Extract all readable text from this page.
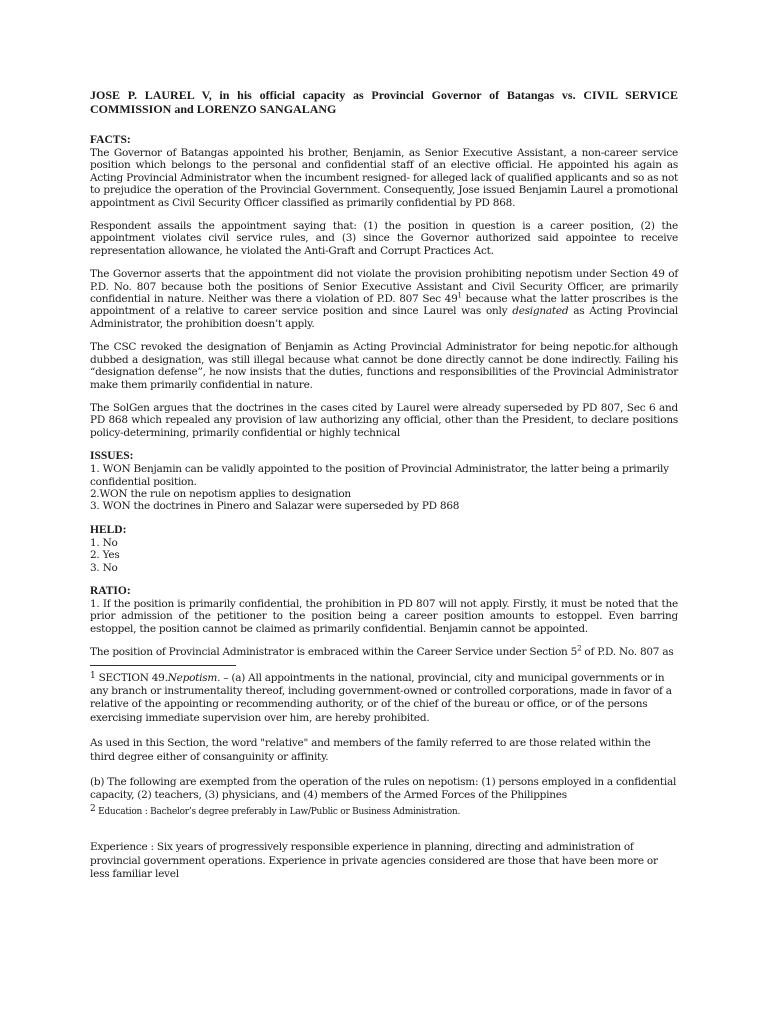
JOSE P. LAUREL V, in his official capacity as Provincial Governor of Batangas vs. CIVIL SERVICE COMMISSION and LORENZO SANGALANG
FACTS:

The Governor of Batangas appointed his brother, Benjamin, as Senior Executive Assistant, a non-career service position which belongs to the personal and confidential staff of an elective official. He appointed his again as Acting Provincial Administrator when the incumbent resigned- for alleged lack of qualified applicants and so as not to prejudice the operation of the Provincial Government. Consequently, Jose issued Benjamin Laurel a promotional appointment as Civil Security Officer classified as primarily confidential by PD 868.

Respondent assails the appointment saying that: (1) the position in question is a career position, (2) the appointment violates civil service rules, and (3) since the Governor authorized said appointee to receive representation allowance, he violated the Anti-Graft and Corrupt Practices Act.

The Governor asserts that the appointment did not violate the provision prohibiting nepotism under Section 49 of P.D. No. 807 because both the positions of Senior Executive Assistant and Civil Security Officer, are primarily confidential in nature. Neither was there a violation of P.D. 807 Sec $49^1$ because what the latter proscribes is the appointment of a relative to career service position and since Laurel was only designated as Acting Provincial Administrator, the prohibition doesn’t apply.

The CSC revoked the designation of Benjamin as Acting Provincial Administrator for being nepotic.for although dubbed a designation, was still illegal because what cannot be done directly cannot be done indirectly. Failing his “designation defense”, he now insists that the duties, functions and responsibilities of the Provincial Administrator make them primarily confidential in nature.

The SolGen argues that the doctrines in the cases cited by Laurel were already superseded by PD 807, Sec 6 and PD 868 which repealed any provision of law authorizing any official, other than the President, to declare positions policy-determining, primarily confidential or highly technical

ISSUES:
1. WON Benjamin can be validly appointed to the position of Provincial Administrator, the latter being a primarily confidential position.
2.WON the rule on nepotism applies to designation
3. WON the doctrines in Pinero and Salazar were superseded by PD 868
HELD:
1. No
2. Yes
3. No
RATIO:

1. If the position is primarily confidential, the prohibition in PD 807 will not apply. Firstly, it must be noted that the prior admission of the petitioner to the position being a career position amounts to estoppel. Even barring estoppel, the position cannot be claimed as primarily confidential. Benjamin cannot be appointed.

The position of Provincial Administrator is embraced within the Career Service under Section $5^2$ of P.D. No. 807 as

1 SECTION 49.Nepotism. – (a) All appointments in the national, provincial, city and municipal governments or in any branch or instrumentality thereof, including government-owned or controlled corporations, made in favor of a relative of the appointing or recommending authority, or of the chief of the bureau or office, or of the persons exercising immediate supervision over him, are hereby prohibited.

As used in this Section, the word "relative" and members of the family referred to are those related within the third degree either of consanguinity or affinity.

(b) The following are exempted from the operation of the rules on nepotism: (1) persons employed in a confidential capacity, (2) teachers, (3) physicians, and (4) members of the Armed Forces of the Philippines

2 Education : Bachelor’s degree preferably in Law/Public or Business Administration.

Experience : Six years of progressively responsible experience in planning, directing and administration of provincial government operations. Experience in private agencies considered are those that have been more or less familiar level
